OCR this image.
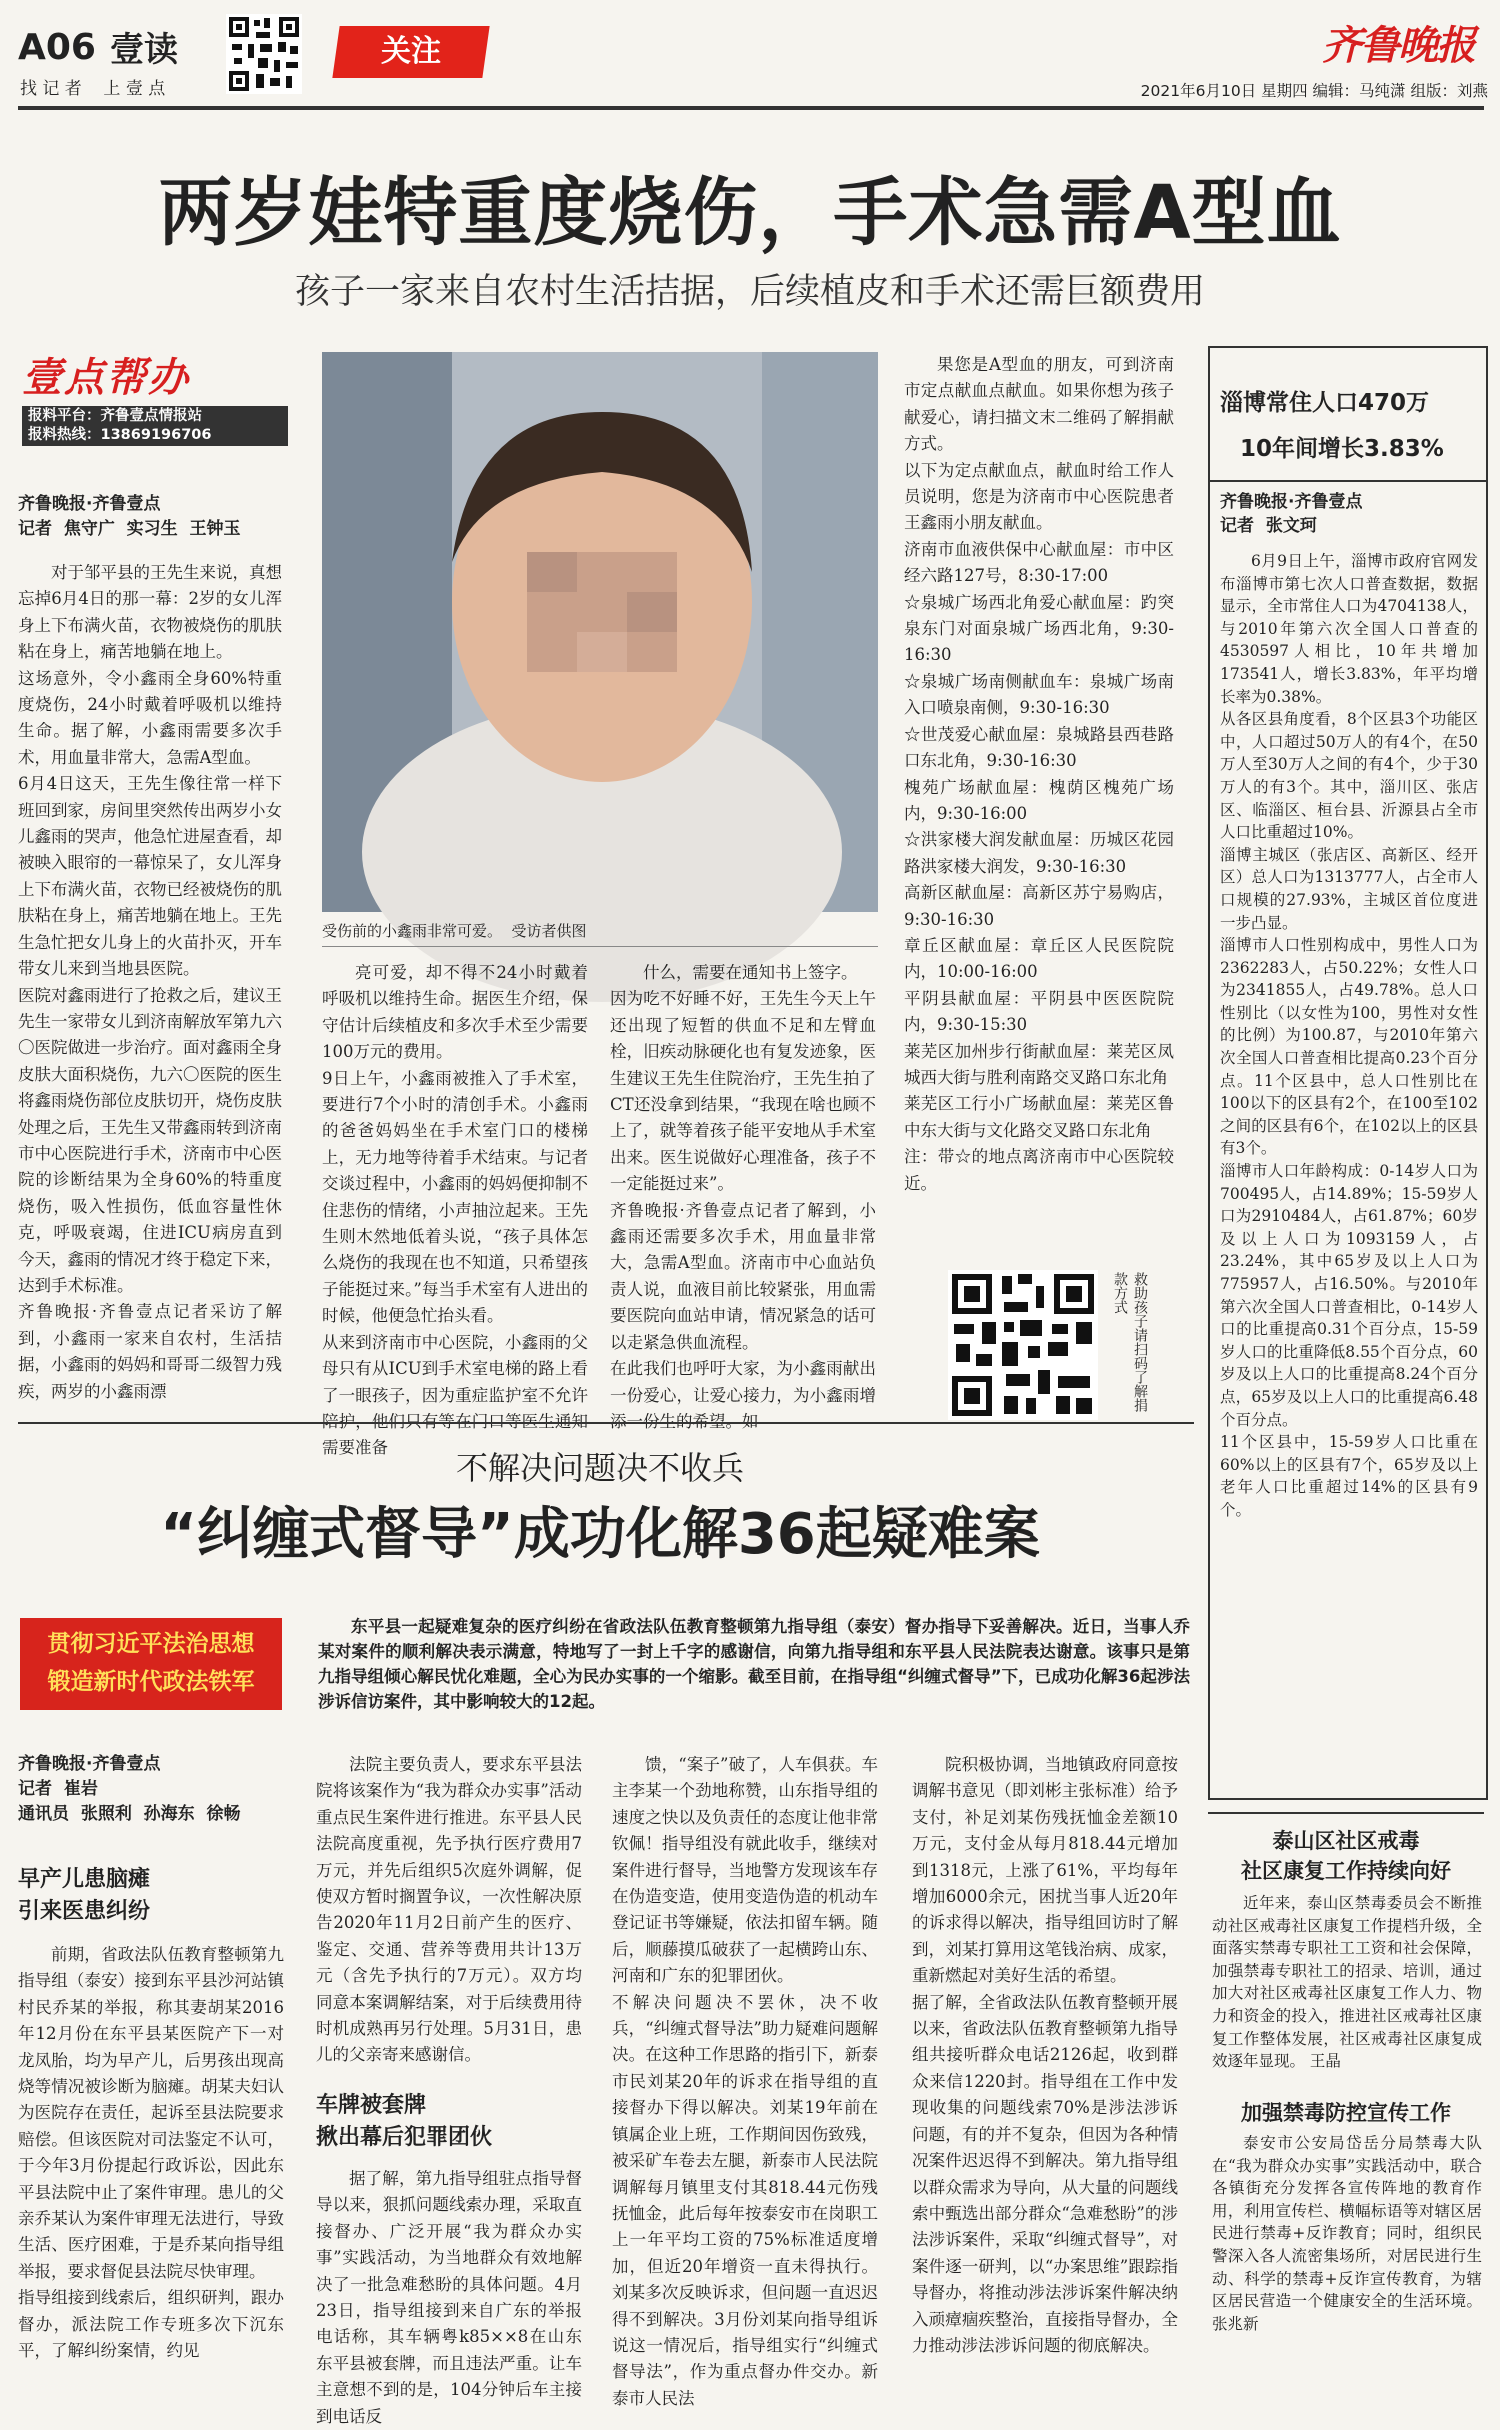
A06 壹读
找 记 者    上 壹 点
关注	齐鲁晚报
2021年6月10日 星期四 编辑：马纯潇 组版：刘燕
两岁娃特重度烧伤，手术急需A型血
孩子一家来自农村生活拮据，后续植皮和手术还需巨额费用
壹点帮办
报料平台：齐鲁壹点情报站
报料热线：13869196706
齐鲁晚报·齐鲁壹点
记者  焦守广  实习生  王钟玉
对于邹平县的王先生来说，真想忘掉6月4日的那一幕：2岁的女儿浑身上下布满火苗，衣物被烧伤的肌肤粘在身上，痛苦地躺在地上。
这场意外，令小鑫雨全身60%特重度烧伤，24小时戴着呼吸机以维持生命。据了解，小鑫雨需要多次手术，用血量非常大，急需A型血。
6月4日这天，王先生像往常一样下班回到家，房间里突然传出两岁小女儿鑫雨的哭声，他急忙进屋查看，却被映入眼帘的一幕惊呆了，女儿浑身上下布满火苗，衣物已经被烧伤的肌肤粘在身上，痛苦地躺在地上。王先生急忙把女儿身上的火苗扑灭，开车带女儿来到当地县医院。
医院对鑫雨进行了抢救之后，建议王先生一家带女儿到济南解放军第九六〇医院做进一步治疗。面对鑫雨全身皮肤大面积烧伤，九六〇医院的医生将鑫雨烧伤部位皮肤切开，烧伤皮肤处理之后，王先生又带鑫雨转到济南市中心医院进行手术，济南市中心医院的诊断结果为全身60%的特重度烧伤，吸入性损伤，低血容量性休克，呼吸衰竭，住进ICU病房直到今天，鑫雨的情况才终于稳定下来，达到手术标准。
齐鲁晚报·齐鲁壹点记者采访了解到，小鑫雨一家来自农村，生活拮据，小鑫雨的妈妈和哥哥二级智力残疾，两岁的小鑫雨漂
受伤前的小鑫雨非常可爱。  受访者供图
亮可爱，却不得不24小时戴着呼吸机以维持生命。据医生介绍，保守估计后续植皮和多次手术至少需要100万元的费用。
9日上午，小鑫雨被推入了手术室，要进行7个小时的清创手术。小鑫雨的爸爸妈妈坐在手术室门口的楼梯上，无力地等待着手术结束。与记者交谈过程中，小鑫雨的妈妈便抑制不住悲伤的情绪，小声抽泣起来。王先生则木然地低着头说，“孩子具体怎么烧伤的我现在也不知道，只希望孩子能挺过来。”每当手术室有人进出的时候，他便急忙抬头看。
从来到济南市中心医院，小鑫雨的父母只有从ICU到手术室电梯的路上看了一眼孩子，因为重症监护室不允许 需要准备
什么，需要在通知书上签字。
因为吃不好睡不好，王先生今天上午还出现了短暂的供血不足和左臂血栓，旧疾动脉硬化也有复发迹象，医生建议王先生住院治疗，王先生拍了CT还没拿到结果，“我现在啥也顾不上了，就等着孩子能平安地从手术室出来。医生说做好心理准备，孩子不一定能挺过来”。
齐鲁晚报·齐鲁壹点记者了解到，小鑫雨还需要多次手术，用血量非常大，急需A型血。济南市中心血站负责人说，血液目前比较紧张，用血需要医院向血站申请，情况紧急的话可以走紧急供血流程。
在此我们也呼吁大家，为小鑫雨献出一份爱心，让爱心接力，为小鑫雨增
果您是A型血的朋友，可到济南市定点献血点献血。如果你想为孩子献爱心，请扫描文末二维码了解捐献方式。
以下为定点献血点，献血时给工作人员说明，您是为济南市中心医院患者王鑫雨小朋友献血。
济南市血液供保中心献血屋：市中区经六路127号，8:30-17:00
☆泉城广场西北角爱心献血屋：趵突泉东门对面泉城广场西北角，9:30-16:30
☆泉城广场南侧献血车：泉城广场南入口喷泉南侧，9:30-16:30
☆世茂爱心献血屋：泉城路县西巷路口东北角，9:30-16:30
槐苑广场献血屋：槐荫区槐苑广场内，9:30-16:00
☆洪家楼大润发献血屋：历城区花园路洪家楼大润发，9:30-16:30
高新区献血屋：高新区苏宁易购店，9:30-16:30
章丘区献血屋：章丘区人民医院院内，10:00-16:00
平阴县献血屋：平阴县中医医院院内，9:30-15:30
莱芜区加州步行街献血屋：莱芜区凤城西大街与胜利南路交叉路口东北角
莱芜区工行小广场献血屋：莱芜区鲁中东大街与文化路交叉路口东北角
注：带☆的地点离济南市中心医院较近。
救助孩子请扫码了解捐款方式
淄博常住人口470万
10年间增长3.83%
齐鲁晚报·齐鲁壹点
记者  张文珂
6月9日上午，淄博市政府官网发布淄博市第七次人口普查数据，数据显示，全市常住人口为4704138人，与2010年第六次全国人口普查的4530597人相比，10年共增加173541人，增长3.83%，年平均增长率为0.38%。
从各区县角度看，8个区县3个功能区中，人口超过50万人的有4个，在50万人至30万人之间的有4个，少于30万人的有3个。其中，淄川区、张店区、临淄区、桓台县、沂源县占全市人口比重超过10%。
淄博主城区（张店区、高新区、经开区）总人口为1313777人，占全市人口规模的27.93%，主城区首位度进一步凸显。
淄博市人口性别构成中，男性人口为2362283人，占50.22%；女性人口为2341855人，占49.78%。总人口性别比（以女性为100，男性对女性的比例）为100.87，与2010年第六次全国人口普查相比提高0.23个百分点。11个区县中，总人口性别比在100以下的区县有2个，在100至102之间的区县有6个，在102以上的区县有3个。
淄博市人口年龄构成：0-14岁人口为700495人，占14.89%；15-59岁人口为2910484人，占61.87%；60岁及以上人口为1093159人，占23.24%，其中65岁及以上人口为775957人，占16.50%。与2010年第六次全国人口普查相比，0-14岁人口的比重提高0.31个百分点，15-59岁人口的比重降低8.55个百分点，60岁及以上人口的比重提高8.24个百分点，65岁及以上人口的比重提高6.48个百分点。
11个区县中，15-59岁人口比重在60%以上的区县有7个，65岁及以上老年人口比重超过14%的区县有9个。
不解决问题决不收兵
“纠缠式督导”成功化解36起疑难案
贯彻习近平法治思想
锻造新时代政法铁军
东平县一起疑难复杂的医疗纠纷在省政法队伍教育整顿第九指导组（泰安）督办指导下妥善解决。近日，当事人乔某对案件的顺利解决表示满意，特地写了一封上千字的感谢信，向第九指导组和东平县人民法院表达谢意。该事只是第九指导组倾心解民忧化难题，全心为民办实事的一个缩影。截至目前，在指导组“纠缠式督导”下，已成功化解36起涉法涉诉信访案件，其中影响较大的12起。
齐鲁晚报·齐鲁壹点
记者  崔岩
通讯员  张照利  孙海东  徐畅
早产儿患脑瘫
引来医患纠纷
前期，省政法队伍教育整顿第九指导组（泰安）接到东平县沙河站镇村民乔某的举报，称其妻胡某2016年12月份在东平县某医院产下一对龙凤胎，均为早产儿，后男孩出现高烧等情况被诊断为脑瘫。胡某夫妇认为医院存在责任，起诉至县法院要求赔偿。但该医院对司法鉴定不认可，于今年3月份提起行政诉讼，因此东平县法院中止了案件审理。患儿的父亲乔某认为案件审理无法进行，导致生活、医疗困难，于是乔某向指导组举报，要求督促县法院尽快审理。
指导组接到线索后，组织研判，跟办督办，派法院工作专班多次下沉东平，了解纠纷案情，约见
法院主要负责人，要求东平县法院将该案作为“我为群众办实事”活动重点民生案件进行推进。东平县人民法院高度重视，先予执行医疗费用7万元，并先后组织5次庭外调解，促使双方暂时搁置争议，一次性解决原告2020年11月2日前产生的医疗、鉴定、交通、营养等费用共计13万元（含先予执行的7万元）。双方均同意本案调解结案，对于后续费用待时机成熟再另行处理。5月31日，患儿的父亲寄来感谢信。
车牌被套牌
揪出幕后犯罪团伙
据了解，第九指导组驻点指导督导以来，狠抓问题线索办理，采取直接督办、广泛开展“我为群众办实事”实践活动，为当地群众有效地解决了一批急难愁盼的具体问题。4月23日，指导组接到来自广东的举报电话称，其车辆粤k85××8在山东东平县被套牌，而且违法严重。让车主意想不到的是，104分钟后车主接到电话反
馈，“案子”破了，人车俱获。车主李某一个劲地称赞，山东指导组的速度之快以及负责任的态度让他非常钦佩！指导组没有就此收手，继续对案件进行督导，当地警方发现该车存在伪造变造，使用变造伪造的机动车登记证书等嫌疑，依法扣留车辆。随后，顺藤摸瓜破获了一起横跨山东、河南和广东的犯罪团伙。
不解决问题决不罢休，决不收兵，“纠缠式督导法”助力疑难问题解决。在这种工作思路的指引下，新泰市民刘某20年的诉求在指导组的直接督办下得以解决。刘某19年前在镇属企业上班，工作期间因伤致残，被采矿车卷去左腿，新泰市人民法院调解每月镇里支付其818.44元伤残抚恤金，此后每年按泰安市在岗职工上一年平均工资的75%标准适度增加，但近20年增资一直未得执行。刘某多次反映诉求，但问题一直迟迟得不到解决。3月份刘某向指导组诉说这一情况后，指导组实行“纠缠式督导法”，作为重点督办件交办。新泰市人民法
院积极协调，当地镇政府同意按调解书意见（即刘彬主张标准）给予支付，补足刘某伤残抚恤金差额10万元，支付金从每月818.44元增加到1318元，上涨了61%，平均每年增加6000余元，困扰当事人近20年的诉求得以解决，指导组回访时了解到，刘某打算用这笔钱治病、成家，重新燃起对美好生活的希望。
据了解，全省政法队伍教育整顿开展以来，省政法队伍教育整顿第九指导组共接听群众电话2126起，收到群众来信1220封。指导组在工作中发现收集的问题线索70%是涉法涉诉问题，有的并不复杂，但因为各种情况案件迟迟得不到解决。第九指导组以群众需求为导向，从大量的问题线索中甄选出部分群众“急难愁盼”的涉法涉诉案件，采取“纠缠式督导”，对案件逐一研判，以“办案思维”跟踪指导督办，将推动涉法涉诉案件解决纳入顽瘴痼疾整治，直接指导督办，全力推动涉法涉诉问题的彻底解决。
泰山区社区戒毒
社区康复工作持续向好
近年来，泰山区禁毒委员会不断推动社区戒毒社区康复工作提档升级，全面落实禁毒专职社工工资和社会保障，加强禁毒专职社工的招录、培训，通过加大对社区戒毒社区康复工作人力、物力和资金的投入，推进社区戒毒社区康复工作整体发展，社区戒毒社区康复成效逐年显现。 王晶
加强禁毒防控宣传工作
泰安市公安局岱岳分局禁毒大队在“我为群众办实事”实践活动中，联合各镇街充分发挥各宣传阵地的教育作用，利用宣传栏、横幅标语等对辖区居民进行禁毒+反诈教育；同时，组织民警深入各人流密集场所，对居民进行生动、科学的禁毒+反诈宣传教育，为辖区居民营造一个健康安全的生活环境。 张兆新
